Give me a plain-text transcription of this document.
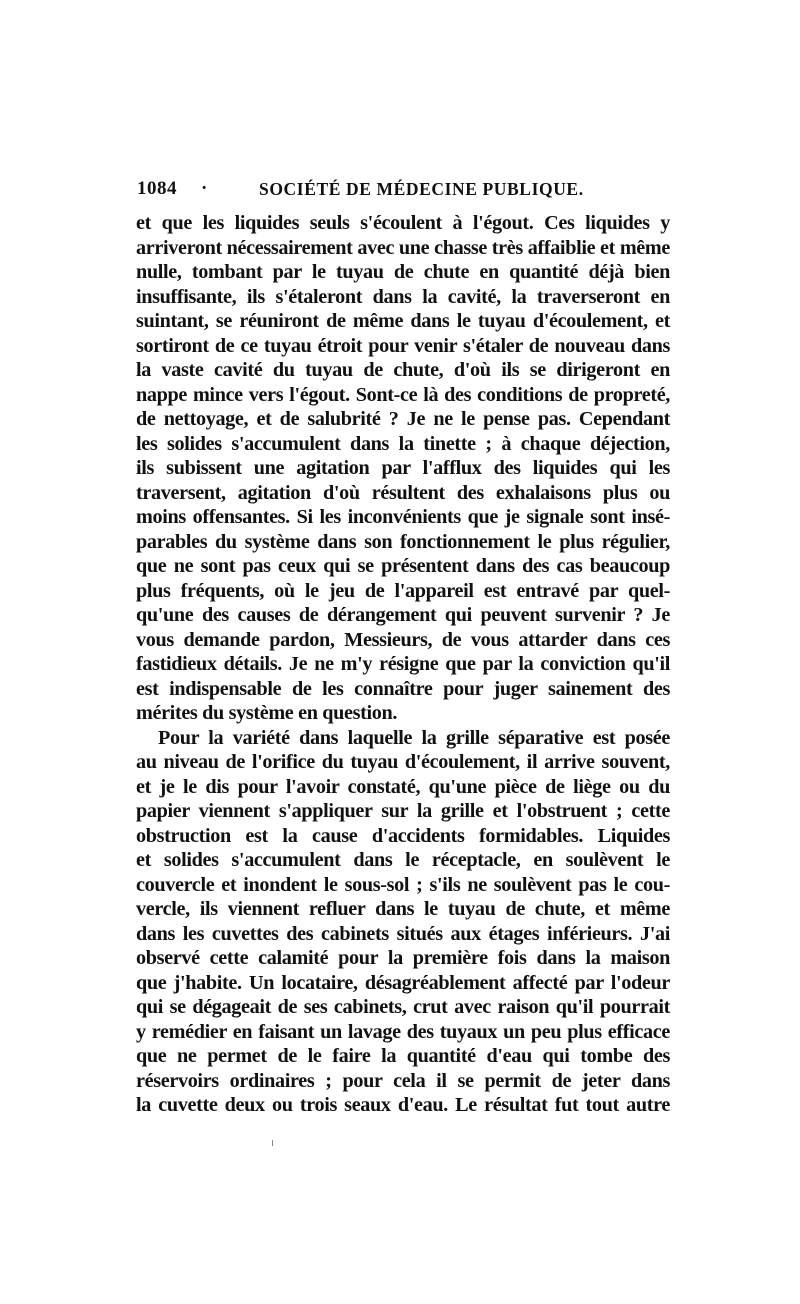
1084 ·	SOCIÉTÉ DE MÉDECINE PUBLIQUE.
et que les liquides seuls s'écoulent à l'égout. Ces liquides y
arriveront nécessairement avec une chasse très affaiblie et même
nulle, tombant par le tuyau de chute en quantité déjà bien
insuffisante, ils s'étaleront dans la cavité, la traverseront en
suintant, se réuniront de même dans le tuyau d'écoulement, et
sortiront de ce tuyau étroit pour venir s'étaler de nouveau dans
la vaste cavité du tuyau de chute, d'où ils se dirigeront en
nappe mince vers l'égout. Sont-ce là des conditions de propreté,
de nettoyage, et de salubrité ? Je ne le pense pas. Cependant
les solides s'accumulent dans la tinette ; à chaque déjection,
ils subissent une agitation par l'afflux des liquides qui les
traversent, agitation d'où résultent des exhalaisons plus ou
moins offensantes. Si les inconvénients que je signale sont insé-
parables du système dans son fonctionnement le plus régulier,
que ne sont pas ceux qui se présentent dans des cas beaucoup
plus fréquents, où le jeu de l'appareil est entravé par quel-
qu'une des causes de dérangement qui peuvent survenir ? Je
vous demande pardon, Messieurs, de vous attarder dans ces
fastidieux détails. Je ne m'y résigne que par la conviction qu'il
est indispensable de les connaître pour juger sainement des
mérites du système en question.
Pour la variété dans laquelle la grille séparative est posée
au niveau de l'orifice du tuyau d'écoulement, il arrive souvent,
et je le dis pour l'avoir constaté, qu'une pièce de liège ou du
papier viennent s'appliquer sur la grille et l'obstruent ; cette
obstruction est la cause d'accidents formidables. Liquides
et solides s'accumulent dans le réceptacle, en soulèvent le
couvercle et inondent le sous-sol ; s'ils ne soulèvent pas le cou-
vercle, ils viennent refluer dans le tuyau de chute, et même
dans les cuvettes des cabinets situés aux étages inférieurs. J'ai
observé cette calamité pour la première fois dans la maison
que j'habite. Un locataire, désagréablement affecté par l'odeur
qui se dégageait de ses cabinets, crut avec raison qu'il pourrait
y remédier en faisant un lavage des tuyaux un peu plus efficace
que ne permet de le faire la quantité d'eau qui tombe des
réservoirs ordinaires ; pour cela il se permit de jeter dans
la cuvette deux ou trois seaux d'eau. Le résultat fut tout autre
